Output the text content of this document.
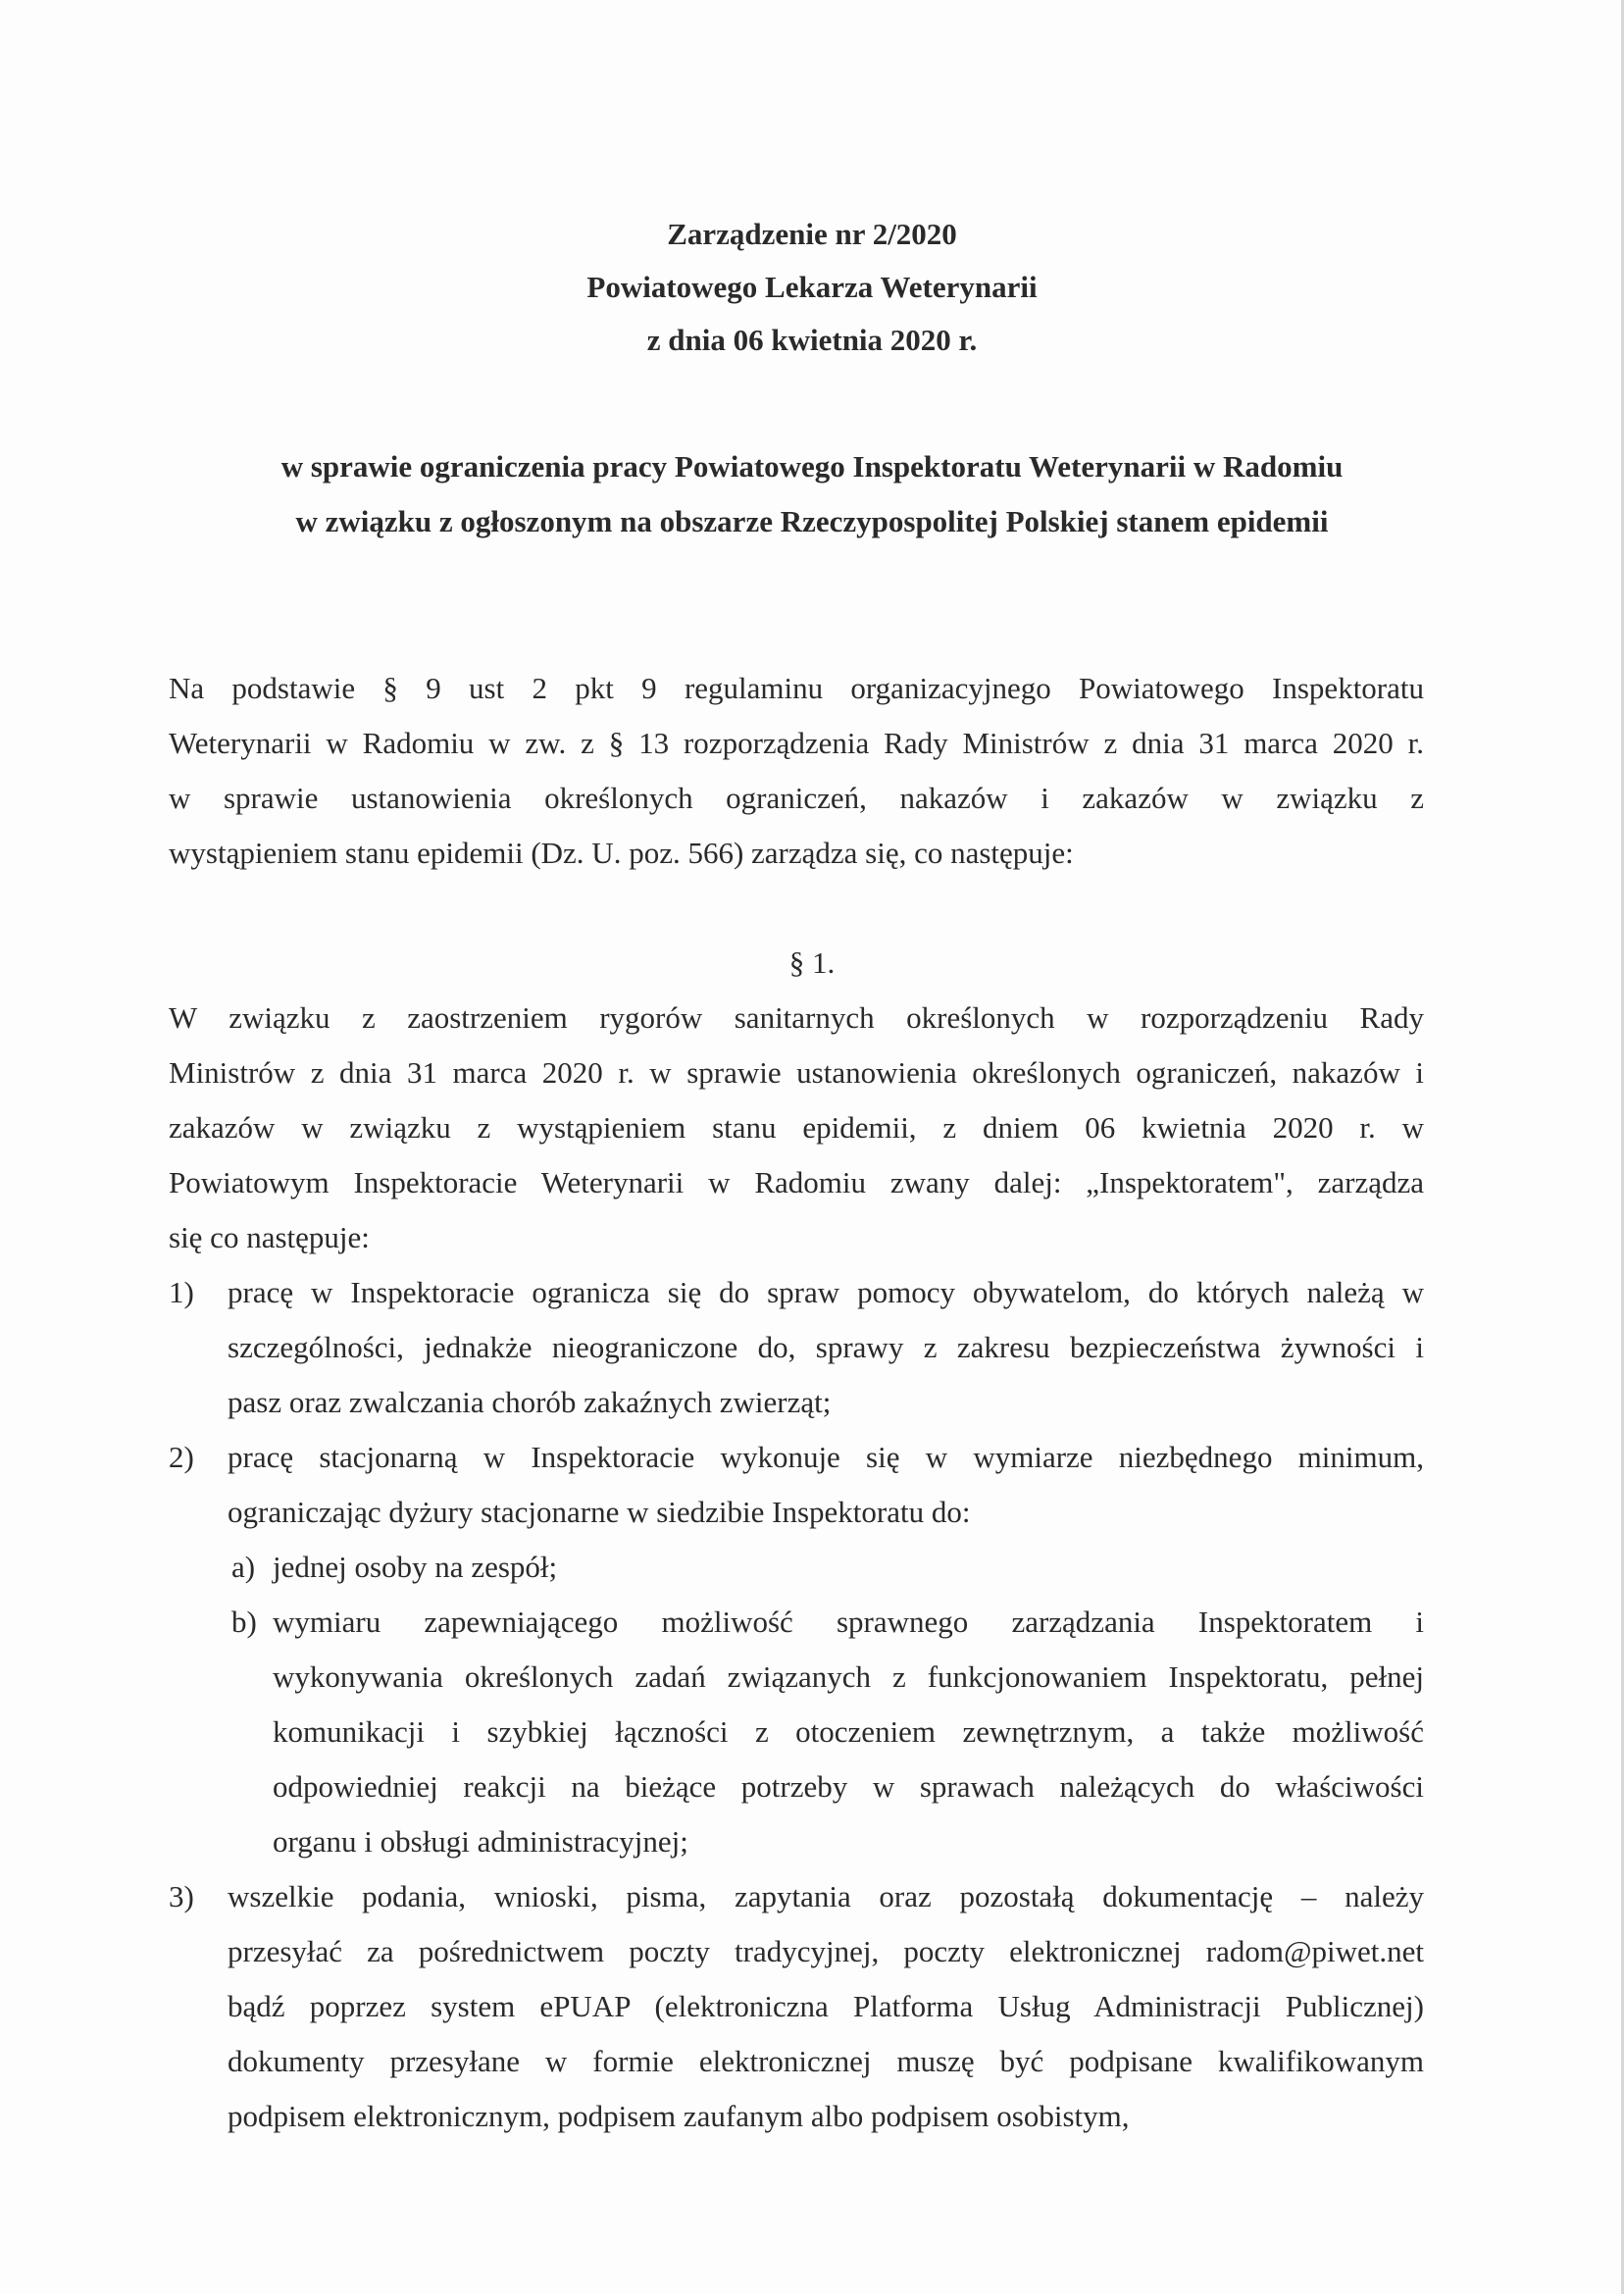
Zarządzenie nr 2/2020
Powiatowego Lekarza Weterynarii
z dnia 06 kwietnia 2020 r.
w sprawie ograniczenia pracy Powiatowego Inspektoratu Weterynarii w Radomiu
w związku z ogłoszonym na obszarze Rzeczypospolitej Polskiej stanem epidemii
Na podstawie § 9 ust 2 pkt 9 regulaminu organizacyjnego Powiatowego Inspektoratu
Weterynarii w Radomiu w zw. z § 13 rozporządzenia Rady Ministrów z dnia 31 marca 2020 r.
w sprawie ustanowienia określonych ograniczeń, nakazów i zakazów w związku z
wystąpieniem stanu epidemii (Dz. U. poz. 566) zarządza się, co następuje:
§ 1.
W związku z zaostrzeniem rygorów sanitarnych określonych w rozporządzeniu Rady
Ministrów z dnia 31 marca 2020 r. w sprawie ustanowienia określonych ograniczeń, nakazów i
zakazów w związku z wystąpieniem stanu epidemii, z dniem 06 kwietnia 2020 r. w
Powiatowym Inspektoracie Weterynarii w Radomiu zwany dalej: „Inspektoratem", zarządza
się co następuje:
1) pracę w Inspektoracie ogranicza się do spraw pomocy obywatelom, do których należą w
szczególności, jednakże nieograniczone do, sprawy z zakresu bezpieczeństwa żywności i
pasz oraz zwalczania chorób zakaźnych zwierząt;
2) pracę stacjonarną w Inspektoracie wykonuje się w wymiarze niezbędnego minimum,
ograniczając dyżury stacjonarne w siedzibie Inspektoratu do:
a) jednej osoby na zespół;
b) wymiaru zapewniającego możliwość sprawnego zarządzania Inspektoratem i
wykonywania określonych zadań związanych z funkcjonowaniem Inspektoratu, pełnej
komunikacji i szybkiej łączności z otoczeniem zewnętrznym, a także możliwość
odpowiedniej reakcji na bieżące potrzeby w sprawach należących do właściwości
organu i obsługi administracyjnej;
3) wszelkie podania, wnioski, pisma, zapytania oraz pozostałą dokumentację – należy
przesyłać za pośrednictwem poczty tradycyjnej, poczty elektronicznej radom@piwet.net
bądź poprzez system ePUAP (elektroniczna Platforma Usług Administracji Publicznej)
dokumenty przesyłane w formie elektronicznej muszę być podpisane kwalifikowanym
podpisem elektronicznym, podpisem zaufanym albo podpisem osobistym,
